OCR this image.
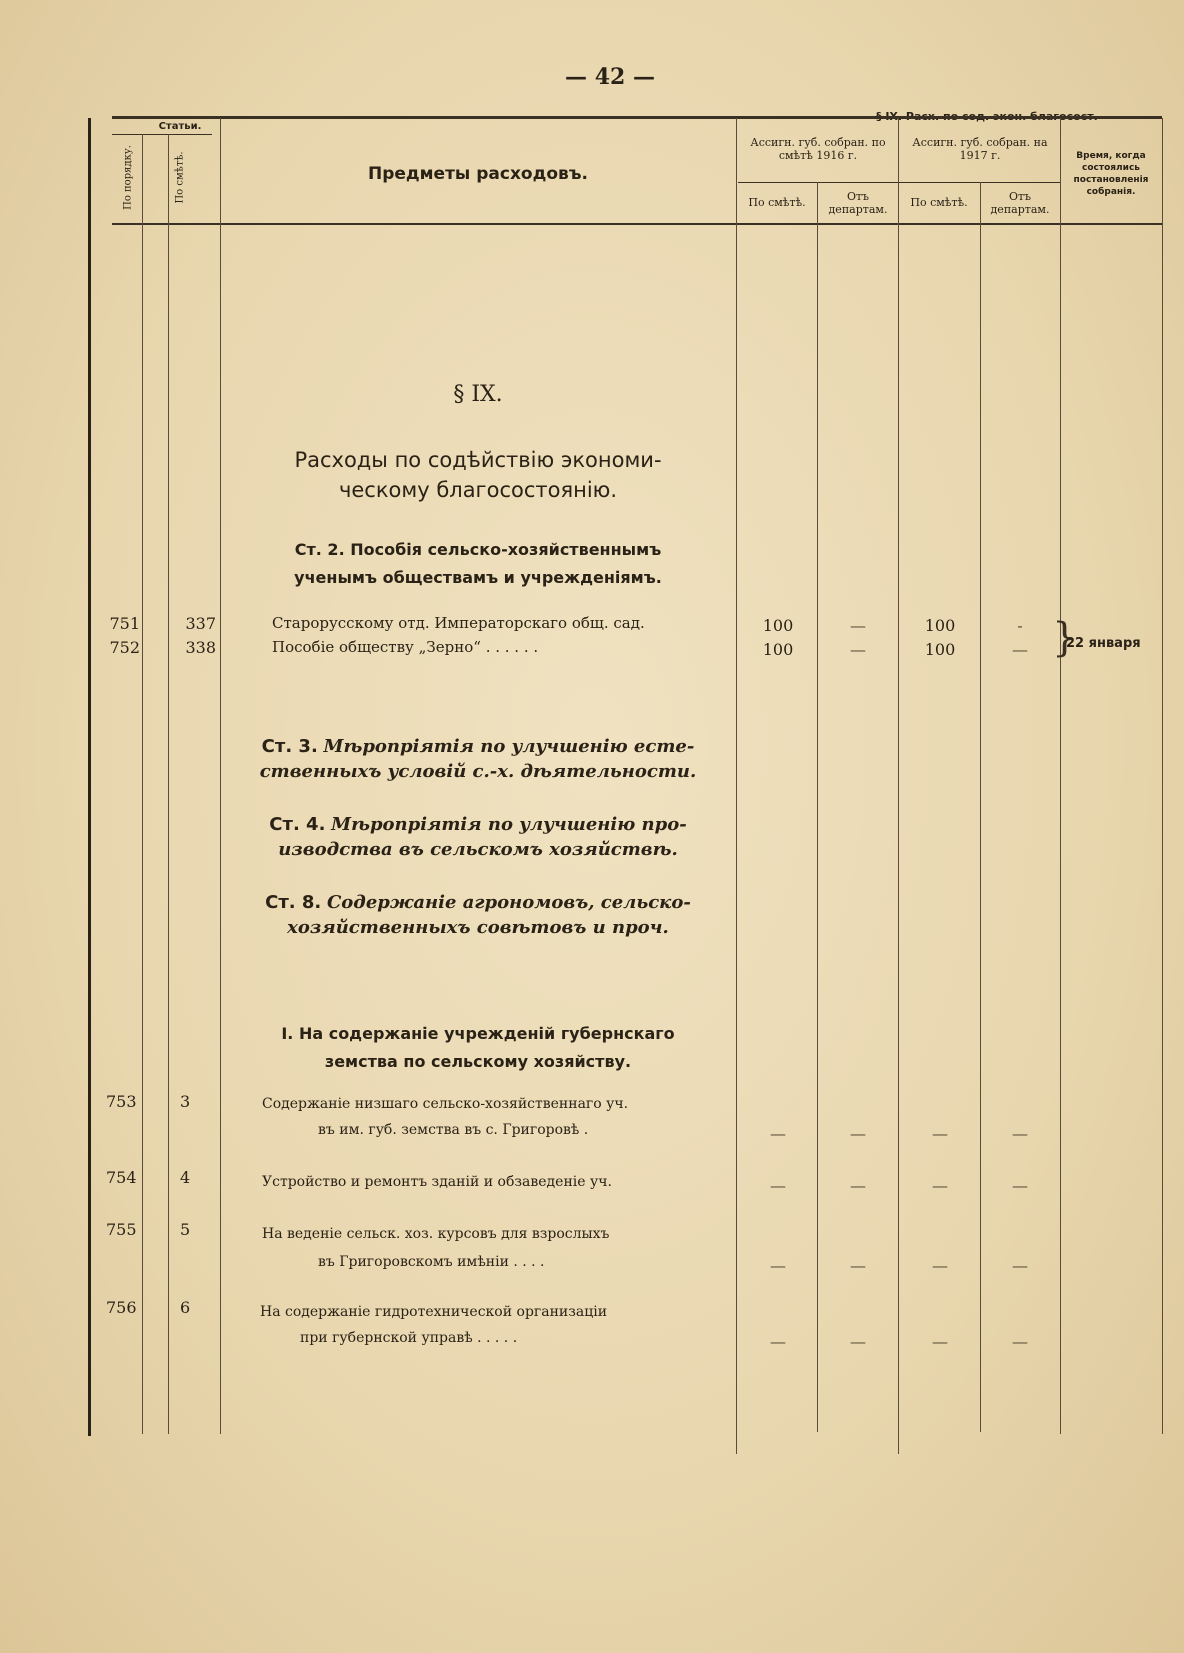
— 42 —
Статьи.
По порядку.	По смѣтѣ.	Предметы расходовъ.
Ассигн. губ. собран. по смѣтѣ 1916 г.
Ассигн. губ. собран. на 1917 г.
По смѣтѣ.	Отъ департам.
По смѣтѣ.	Отъ департам.
Время, когда состоялись постановленія собранія.
§ IX.
Расходы по содѣйствію экономи-
ческому благосостоянію.
Ст. 2. Пособія сельско-хозяйственнымъ
ученымъ обществамъ и учрежденіямъ.
751	337	Старорусскому отд. Императорскаго общ. сад.	100	—	100	-
752	338	Пособіе обществу „Зерно“ . . . . . .	100	—	100	— }
22 января
Ст. 3. Мѣропріятія по улучшенію есте-
ственныхъ условій с.-х. дѣятельности.
Ст. 4. Мѣропріятія по улучшенію про-
изводства въ сельскомъ хозяйствѣ.
Ст. 8. Содержаніе агрономовъ, сельско-
хозяйственныхъ совѣтовъ и проч.
I. На содержаніе учрежденій губернскаго
земства по сельскому хозяйству.
753	3	Содержаніе низшаго сельско-хозяйственнаго уч.
въ им. губ. земства въ с. Григоровѣ .	—	—	—	—
754	4	Устройство и ремонтъ зданій и обзаведеніе уч.	—	—	—	—
755	5	На веденіе сельск. хоз. курсовъ для взрослыхъ
въ Григоровскомъ имѣніи . . . .	—	—	—	—
756	6	На содержаніе гидротехнической организаціи
при губернской управѣ . . . . .	—	—	—	—
